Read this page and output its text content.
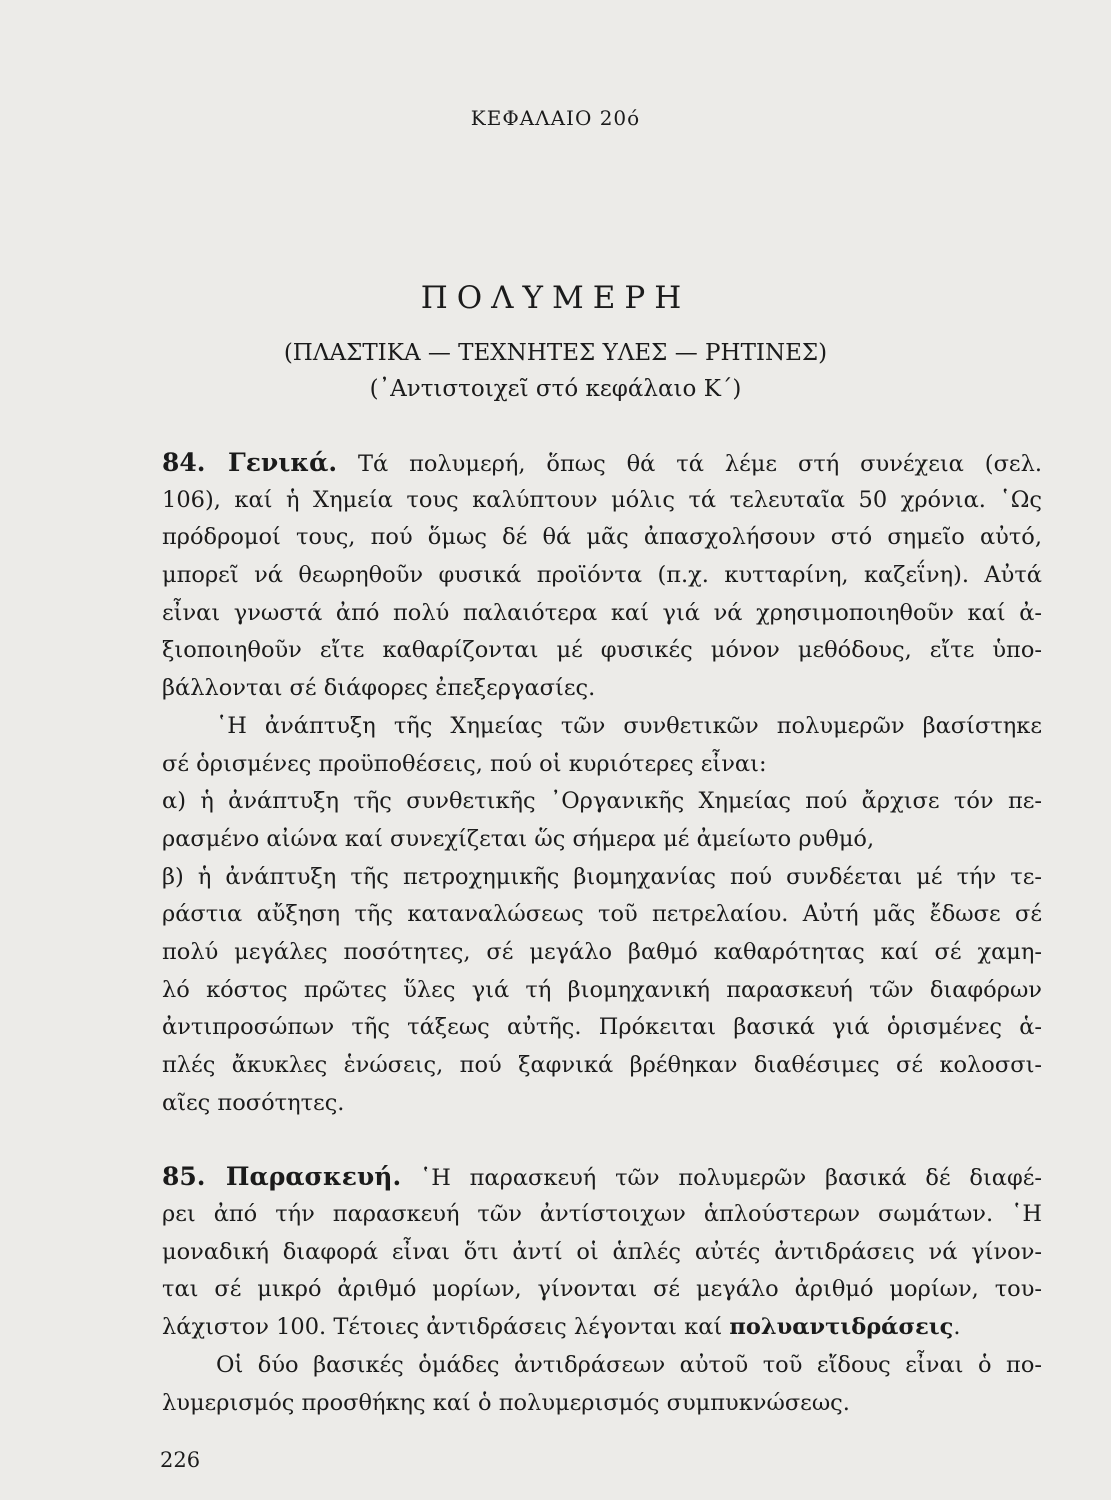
ΚΕΦΑΛΑΙΟ 20ό
ΠΟΛΥΜΕΡΗ
(ΠΛΑΣΤΙΚΑ — ΤΕΧΝΗΤΕΣ ΥΛΕΣ — ΡΗΤΙΝΕΣ)
(᾿Αντιστοιχεῖ στό κεφάλαιο Κ΄)
84. Γενικά. Τά πολυμερή, ὅπως θά τά λέμε στή συνέχεια (σελ.
106), καί ἡ Χημεία τους καλύπτουν μόλις τά τελευταῖα 50 χρόνια. ῾Ως
πρόδρομοί τους, πού ὅμως δέ θά μᾶς ἀπασχολήσουν στό σημεῖο αὐτό,
μπορεῖ νά θεωρηθοῦν φυσικά προϊόντα (π.χ. κυτταρίνη, καζεΐνη). Αὐτά
εἶναι γνωστά ἀπό πολύ παλαιότερα καί γιά νά χρησιμοποιηθοῦν καί ἀ-
ξιοποιηθοῦν εἴτε καθαρίζονται μέ φυσικές μόνον μεθόδους, εἴτε ὑπο-
βάλλονται σέ διάφορες ἐπεξεργασίες.
῾Η ἀνάπτυξη τῆς Χημείας τῶν συνθετικῶν πολυμερῶν βασίστηκε
σέ ὁρισμένες προϋποθέσεις, πού οἱ κυριότερες εἶναι:
α) ἡ ἀνάπτυξη τῆς συνθετικῆς ᾿Οργανικῆς Χημείας πού ἄρχισε τόν πε-
ρασμένο αἰώνα καί συνεχίζεται ὥς σήμερα μέ ἀμείωτο ρυθμό,
β) ἡ ἀνάπτυξη τῆς πετροχημικῆς βιομηχανίας πού συνδέεται μέ τήν τε-
ράστια αὔξηση τῆς καταναλώσεως τοῦ πετρελαίου. Αὐτή μᾶς ἔδωσε σέ
πολύ μεγάλες ποσότητες, σέ μεγάλο βαθμό καθαρότητας καί σέ χαμη-
λό κόστος πρῶτες ὕλες γιά τή βιομηχανική παρασκευή τῶν διαφόρων
ἀντιπροσώπων τῆς τάξεως αὐτῆς. Πρόκειται βασικά γιά ὁρισμένες ἁ-
πλές ἄκυκλες ἑνώσεις, πού ξαφνικά βρέθηκαν διαθέσιμες σέ κολοσσι-
αῖες ποσότητες.
85. Παρασκευή. ῾Η παρασκευή τῶν πολυμερῶν βασικά δέ διαφέ-
ρει ἀπό τήν παρασκευή τῶν ἀντίστοιχων ἁπλούστερων σωμάτων. ῾Η
μοναδική διαφορά εἶναι ὅτι ἀντί οἱ ἁπλές αὐτές ἀντιδράσεις νά γίνον-
ται σέ μικρό ἀριθμό μορίων, γίνονται σέ μεγάλο ἀριθμό μορίων, του-
λάχιστον 100. Τέτοιες ἀντιδράσεις λέγονται καί πολυαντιδράσεις.
Οἱ δύο βασικές ὁμάδες ἀντιδράσεων αὐτοῦ τοῦ εἴδους εἶναι ὁ πο-
λυμερισμός προσθήκης καί ὁ πολυμερισμός συμπυκνώσεως.
226
